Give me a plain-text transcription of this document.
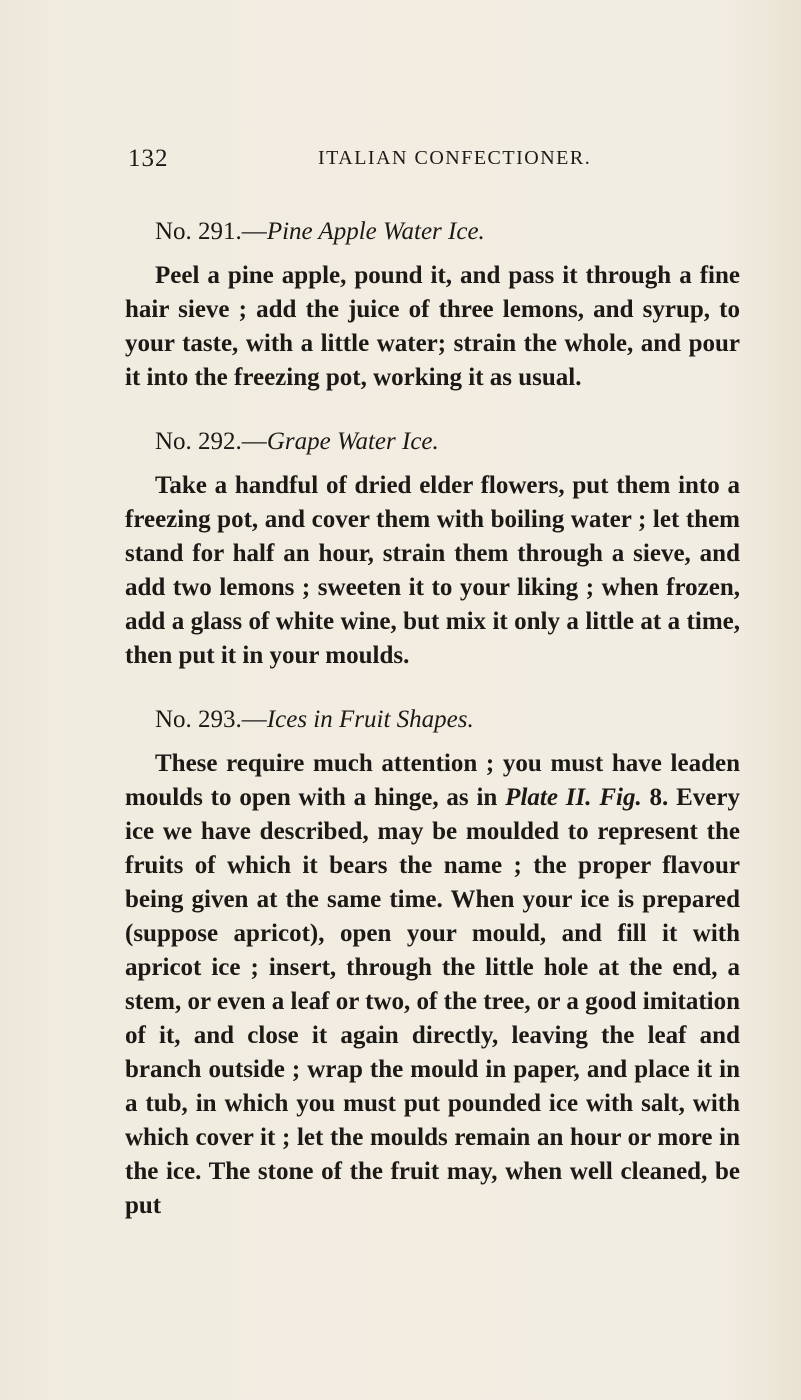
132	ITALIAN CONFECTIONER.

No. 291.—Pine Apple Water Ice.

Peel a pine apple, pound it, and pass it through a fine hair sieve ; add the juice of three lemons, and syrup, to your taste, with a little water; strain the whole, and pour it into the freezing pot, working it as usual.

No. 292.—Grape Water Ice.

Take a handful of dried elder flowers, put them into a freezing pot, and cover them with boiling water ; let them stand for half an hour, strain them through a sieve, and add two lemons ; sweeten it to your liking ; when frozen, add a glass of white wine, but mix it only a little at a time, then put it in your moulds.

No. 293.—Ices in Fruit Shapes.

These require much attention ; you must have leaden moulds to open with a hinge, as in Plate II. Fig. 8. Every ice we have described, may be moulded to represent the fruits of which it bears the name ; the proper flavour being given at the same time. When your ice is prepared (suppose apricot), open your mould, and fill it with apricot ice ; insert, through the little hole at the end, a stem, or even a leaf or two, of the tree, or a good imitation of it, and close it again directly, leaving the leaf and branch outside ; wrap the mould in paper, and place it in a tub, in which you must put pounded ice with salt, with which cover it ; let the moulds remain an hour or more in the ice. The stone of the fruit may, when well cleaned, be put
